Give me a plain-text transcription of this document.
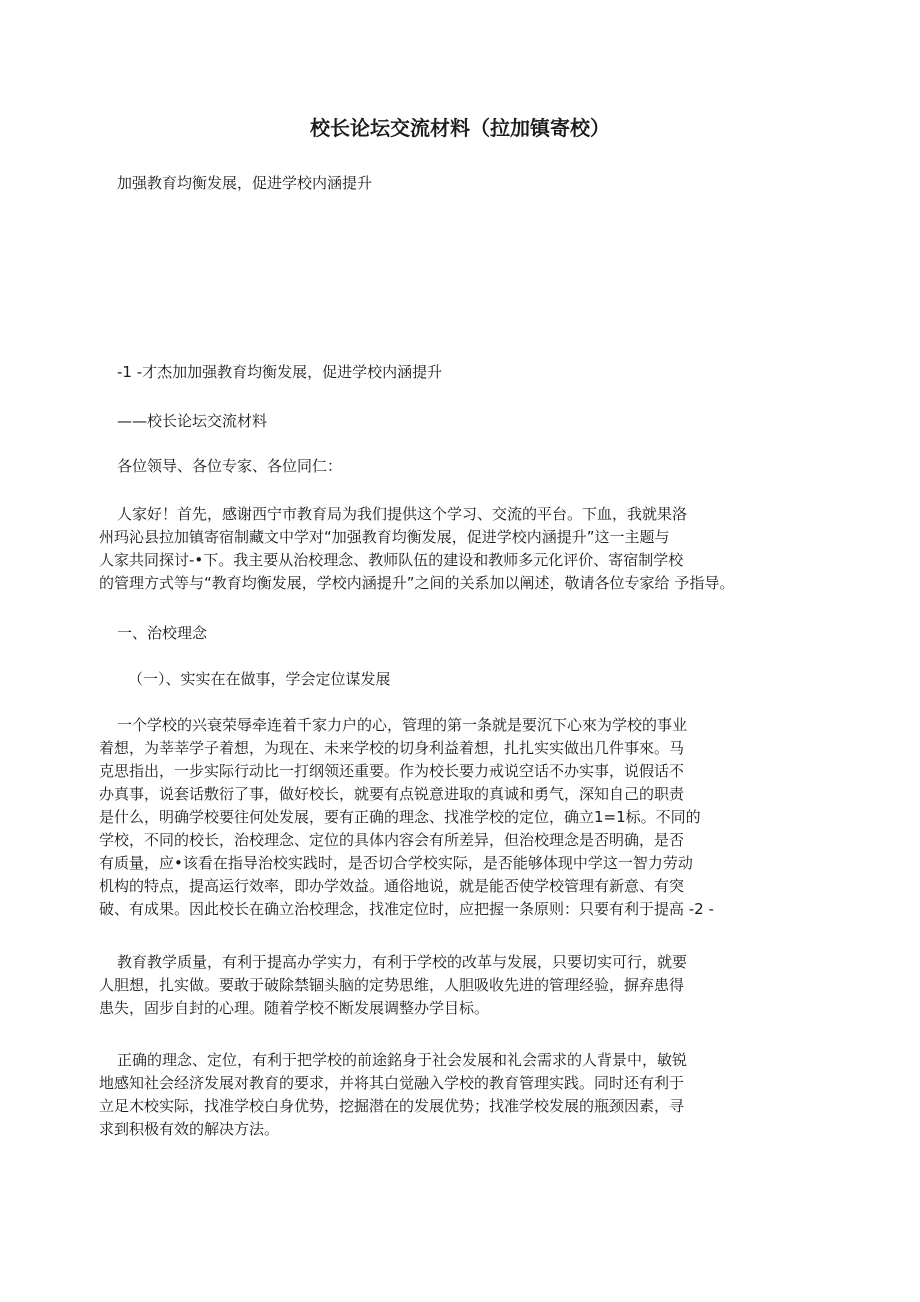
校长论坛交流材料（拉加镇寄校）
加强教育均衡发展，促进学校内涵提升
-1 -才杰加加强教育均衡发展，促进学校内涵提升
——校长论坛交流材料
各位领导、各位专家、各位同仁：
人家好！首先，感谢西宁市教育局为我们提供这个学习、交流的平台。下血，我就果洛
州玛沁县拉加镇寄宿制藏文中学对“加强教育均衡发展，促进学校内涵提升”这一主题与
人家共同探讨-•下。我主要从治校理念、教师队伍的建设和教师多元化评价、寄宿制学校
的管理方式等与“教育均衡发展，学校内涵提升”之间的关系加以阐述，敬请各位专家给 予指导。
一、治校理念
（一）、实实在在做事，学会定位谋发展
一个学校的兴衰荣辱牵连着千家力户的心，管理的第一条就是要沉下心來为学校的事业
着想，为莘莘学子着想，为现在、未来学校的切身利益着想，扎扎实实做出几件事來。马
克思指出，一步实际行动比一打纲领还重要。作为校长要力戒说空话不办实事，说假话不
办真事，说套话敷衍了事，做好校长，就要有点锐意进取的真诚和勇气，深知自己的职责
是什么，明确学校要往何处发展，要有正确的理念、找准学校的定位，确立1=1标。不同的
学校，不同的校长，治校理念、定位的具体内容会有所差异，但治校理念是否明确，是否
有质量，应•该看在指导治校实践时，是否切合学校实际，是否能够体现中学这一智力劳动
机构的特点，提高运行效率，即办学效益。通俗地说，就是能否使学校管理有新意、有突
破、有成果。因此校长在确立治校理念，找准定位时，应把握一条原则：只要有利于提高 -2 -
教育教学质量，有利于提高办学实力，有利于学校的改革与发展，只要切实可行，就要
人胆想，扎实做。要敢于破除禁锢头脑的定势思维，人胆吸收先进的管理经验，摒弃患得
患失，固步自封的心理。随着学校不断发展调整办学目标。
正确的理念、定位，有利于把学校的前途銘身于社会发展和礼会需求的人背景中，敏锐
地感知社会经济发展对教育的要求，并将其白觉融入学校的教育管理实践。同时还有利于
立足木校实际，找准学校白身优势，挖掘潜在的发展优势；找准学校发展的瓶颈因素，寻
求到积极有效的解决方法。
